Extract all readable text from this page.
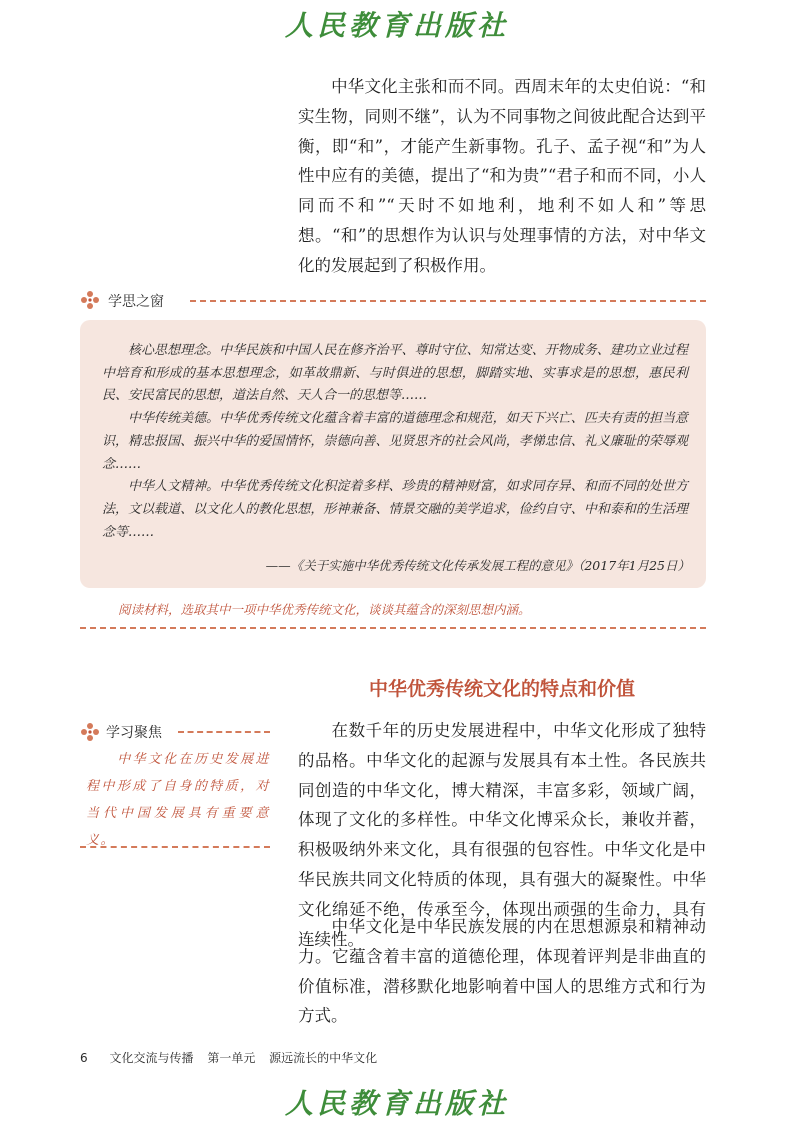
人民教育出版社

中华文化主张和而不同。西周末年的太史伯说：“和实生物，同则不继”，认为不同事物之间彼此配合达到平衡，即“和”，才能产生新事物。孔子、孟子视“和”为人性中应有的美德，提出了“和为贵”“君子和而不同，小人同而不和”“天时不如地利，地利不如人和”等思想。“和”的思想作为认识与处理事情的方法，对中华文化的发展起到了积极作用。

学思之窗

核心思想理念。中华民族和中国人民在修齐治平、尊时守位、知常达变、开物成务、建功立业过程中培育和形成的基本思想理念，如革故鼎新、与时俱进的思想，脚踏实地、实事求是的思想，惠民利民、安民富民的思想，道法自然、天人合一的思想等……

中华传统美德。中华优秀传统文化蕴含着丰富的道德理念和规范，如天下兴亡、匹夫有责的担当意识，精忠报国、振兴中华的爱国情怀，崇德向善、见贤思齐的社会风尚，孝悌忠信、礼义廉耻的荣辱观念……

中华人文精神。中华优秀传统文化积淀着多样、珍贵的精神财富，如求同存异、和而不同的处世方法，文以载道、以文化人的教化思想，形神兼备、情景交融的美学追求，俭约自守、中和泰和的生活理念等……

——《关于实施中华优秀传统文化传承发展工程的意见》（2017年1月25日）
阅读材料，选取其中一项中华优秀传统文化，谈谈其蕴含的深刻思想内涵。
中华优秀传统文化的特点和价值
学习聚焦

中华文化在历史发展进程中形成了自身的特质，对当代中国发展具有重要意义。

在数千年的历史发展进程中，中华文化形成了独特的品格。中华文化的起源与发展具有本土性。各民族共同创造的中华文化，博大精深，丰富多彩，领域广阔，体现了文化的多样性。中华文化博采众长，兼收并蓄，积极吸纳外来文化，具有很强的包容性。中华文化是中华民族共同文化特质的体现，具有强大的凝聚性。中华文化绵延不绝，传承至今，体现出顽强的生命力，具有连续性。

中华文化是中华民族发展的内在思想源泉和精神动力。它蕴含着丰富的道德伦理，体现着评判是非曲直的价值标准，潜移默化地影响着中国人的思维方式和行为方式。

6 文化交流与传播 第一单元 源远流长的中华文化
人民教育出版社
